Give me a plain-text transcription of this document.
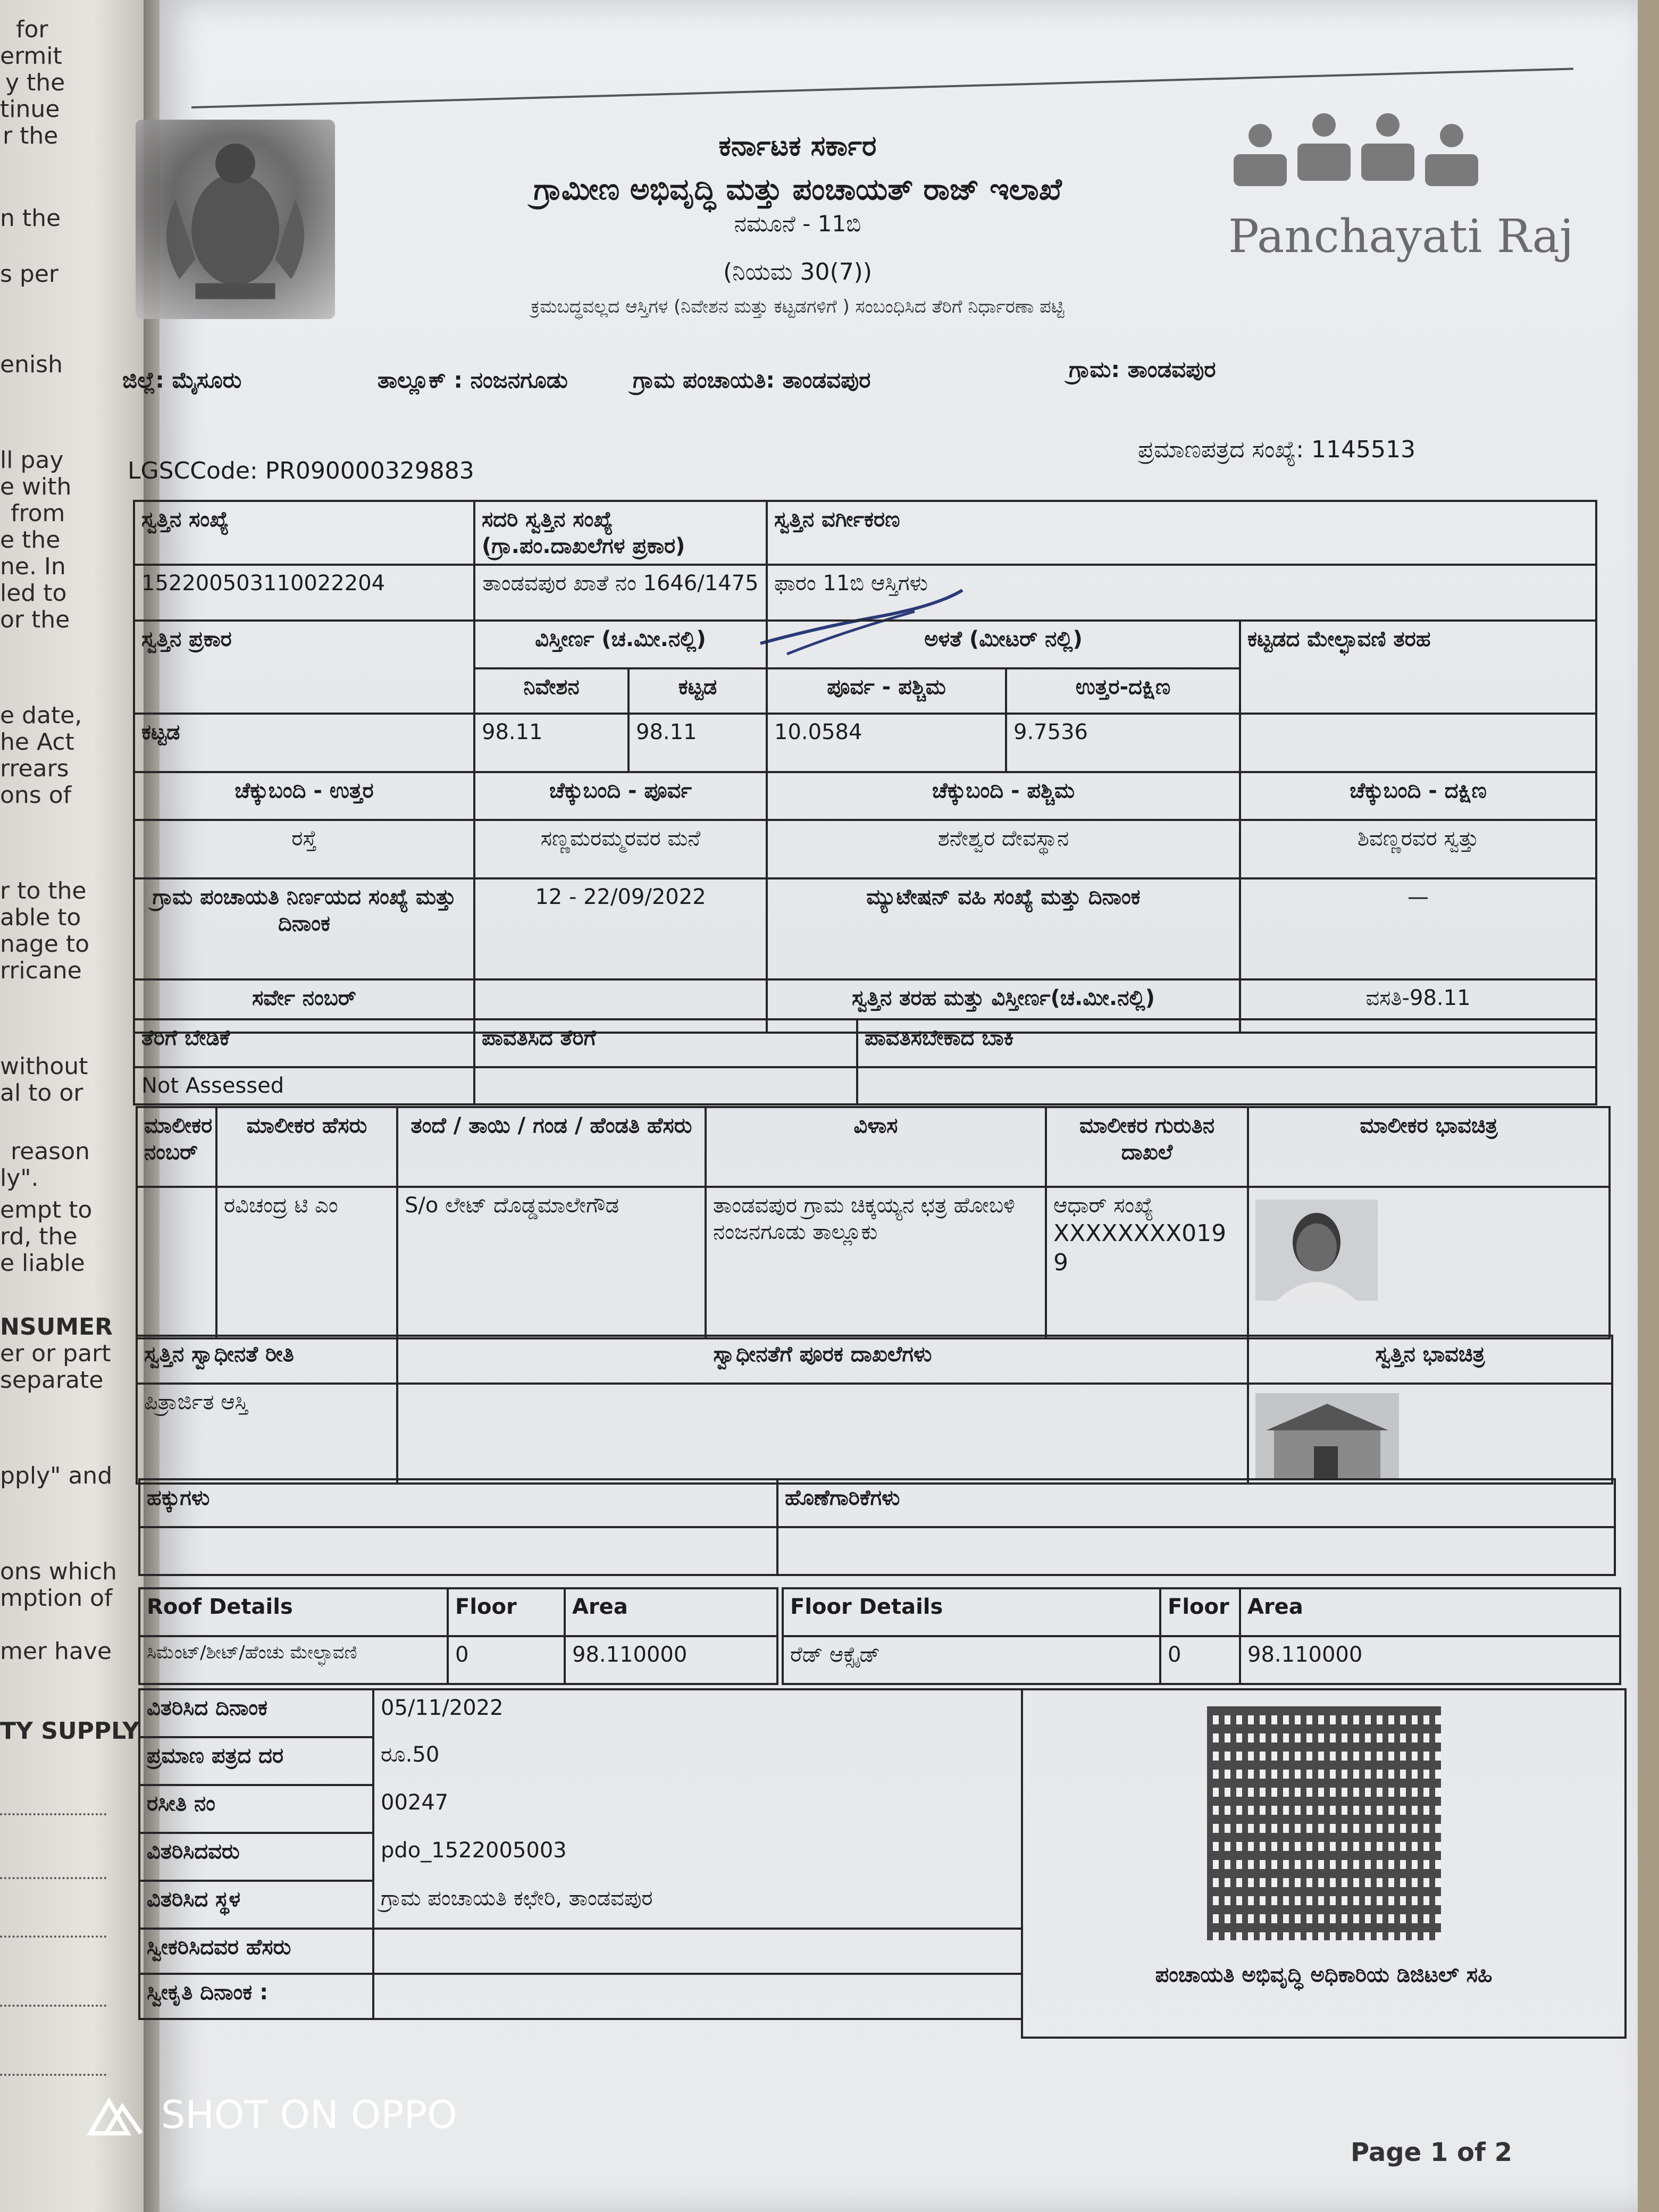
for
ermit
y the
tinue
r the
n the
s per
enish
ll pay
e with
from
e the
ne. In
led to
or the
e date,
he Act
rrears
ons of
r to the
able to
nage to
rricane
without
al to or
reason
ly".
empt to
rd, the
e liable
NSUMER
er or part
separate
pply" and
ons which
mption of
mer have
TY SUPPLY
Panchayati Raj
ಕರ್ನಾಟಕ ಸರ್ಕಾರ
ಗ್ರಾಮೀಣ ಅಭಿವೃದ್ಧಿ ಮತ್ತು ಪಂಚಾಯತ್ ರಾಜ್ ಇಲಾಖೆ
ನಮೂನೆ - 11ಬಿ
(ನಿಯಮ 30(7))
ಕ್ರಮಬದ್ಧವಲ್ಲದ ಆಸ್ತಿಗಳ (ನಿವೇಶನ ಮತ್ತು ಕಟ್ಟಡಗಳಿಗೆ ) ಸಂಬಂಧಿಸಿದ ತೆರಿಗೆ ನಿರ್ಧಾರಣಾ ಪಟ್ಟಿ
ಜಿಲ್ಲೆ: ಮೈಸೂರು	ತಾಲ್ಲೂಕ್ : ನಂಜನಗೂಡು	ಗ್ರಾಮ ಪಂಚಾಯತಿ: ತಾಂಡವಪುರ	ಗ್ರಾಮ: ತಾಂಡವಪುರ
LGSCCode: PR090000329883
ಪ್ರಮಾಣಪತ್ರದ ಸಂಖ್ಯೆ: 1145513
ಸ್ವತ್ತಿನ ಸಂಖ್ಯೆ	ಸದರಿ ಸ್ವತ್ತಿನ ಸಂಖ್ಯೆ (ಗ್ರಾ.ಪಂ.ದಾಖಲೆಗಳ ಪ್ರಕಾರ)		ಸ್ವತ್ತಿನ ವರ್ಗೀಕರಣ		
152200503110022204	ತಾಂಡವಪುರ ಖಾತೆ ನಂ 1646/1475		ಫಾರಂ 11ಬಿ ಆಸ್ತಿಗಳು		
ಸ್ವತ್ತಿನ ಪ್ರಕಾರ	ವಿಸ್ತೀರ್ಣ (ಚ.ಮೀ.ನಲ್ಲಿ)		ಅಳತೆ (ಮೀಟರ್ ನಲ್ಲಿ)		ಕಟ್ಟಡದ ಮೇಲ್ಛಾವಣಿ ತರಹ
	ನಿವೇಶನ	ಕಟ್ಟಡ	ಪೂರ್ವ - ಪಶ್ಚಿಮ	ಉತ್ತರ-ದಕ್ಷಿಣ	
ಕಟ್ಟಡ	98.11	98.11	10.0584	9.7536	
ಚೆಕ್ಕುಬಂದಿ - ಉತ್ತರ	ಚೆಕ್ಕುಬಂದಿ - ಪೂರ್ವ		ಚೆಕ್ಕುಬಂದಿ - ಪಶ್ಚಿಮ		ಚೆಕ್ಕುಬಂದಿ - ದಕ್ಷಿಣ
ರಸ್ತೆ	ಸಣ್ಣಮರಮ್ಮರವರ ಮನೆ		ಶನೇಶ್ವರ ದೇವಸ್ಥಾನ		ಶಿವಣ್ಣರವರ ಸ್ವತ್ತು
ಗ್ರಾಮ ಪಂಚಾಯತಿ ನಿರ್ಣಯದ ಸಂಖ್ಯೆ ಮತ್ತು ದಿನಾಂಕ	12 - 22/09/2022		ಮ್ಯುಟೇಷನ್ ವಹಿ ಸಂಖ್ಯೆ ಮತ್ತು ದಿನಾಂಕ		—
ಸರ್ವೇ ನಂಬರ್			ಸ್ವತ್ತಿನ ತರಹ ಮತ್ತು ವಿಸ್ತೀರ್ಣ(ಚ.ಮೀ.ನಲ್ಲಿ)		ವಸತಿ-98.11
ತೆರಿಗೆ ಬೇಡಿಕೆ	ಪಾವತಿಸಿದ ತೆರಿಗೆ	ಪಾವತಿಸಬೇಕಾದ ಬಾಕಿ
Not Assessed		
ಮಾಲೀಕರ ನಂಬರ್	ಮಾಲೀಕರ ಹೆಸರು	ತಂದೆ / ತಾಯಿ / ಗಂಡ / ಹೆಂಡತಿ ಹೆಸರು	ವಿಳಾಸ	ಮಾಲೀಕರ ಗುರುತಿನ ದಾಖಲೆ	ಮಾಲೀಕರ ಭಾವಚಿತ್ರ
	ರವಿಚಂದ್ರ ಟಿ ಎಂ	S/o ಲೇಟ್ ದೊಡ್ಡಮಾಲೇಗೌಡ	ತಾಂಡವಪುರ ಗ್ರಾಮ ಚಿಕ್ಕಯ್ಯನ ಛತ್ರ ಹೋಬಳಿ ನಂಜನಗೂಡು ತಾಲ್ಲೂಕು	ಆಧಾರ್ ಸಂಖ್ಯೆ
XXXXXXXX0199

ಸ್ವತ್ತಿನ ಸ್ವಾಧೀನತೆ ರೀತಿ	ಸ್ವಾಧೀನತೆಗೆ ಪೂರಕ ದಾಖಲೆಗಳು	ಸ್ವತ್ತಿನ ಭಾವಚಿತ್ರ
ಪಿತ್ರಾರ್ಜಿತ ಆಸ್ತಿ		
ಹಕ್ಕುಗಳು	ಹೊಣೆಗಾರಿಕೆಗಳು

Roof Details	Floor	Area
ಸಿಮೆಂಟ್/ಶೀಟ್/ಹೆಂಚು ಮೇಲ್ಛಾವಣಿ	0	98.110000
Floor Details	Floor	Area
ರೆಡ್ ಆಕ್ಸೈಡ್	0	98.110000
ವಿತರಿಸಿದ ದಿನಾಂಕ	05/11/2022
ಪ್ರಮಾಣ ಪತ್ರದ ದರ	ರೂ.50
ರಸೀತಿ ನಂ	00247
ವಿತರಿಸಿದವರು	pdo_1522005003
ವಿತರಿಸಿದ ಸ್ಥಳ	ಗ್ರಾಮ ಪಂಚಾಯತಿ ಕಛೇರಿ, ತಾಂಡವಪುರ
ಸ್ವೀಕರಿಸಿದವರ ಹೆಸರು	
ಸ್ವೀಕೃತಿ ದಿನಾಂಕ :	
ಪಂಚಾಯತಿ ಅಭಿವೃದ್ಧಿ ಅಧಿಕಾರಿಯ ಡಿಜಿಟಲ್ ಸಹಿ
SHOT ON OPPO
Page 1 of 2
